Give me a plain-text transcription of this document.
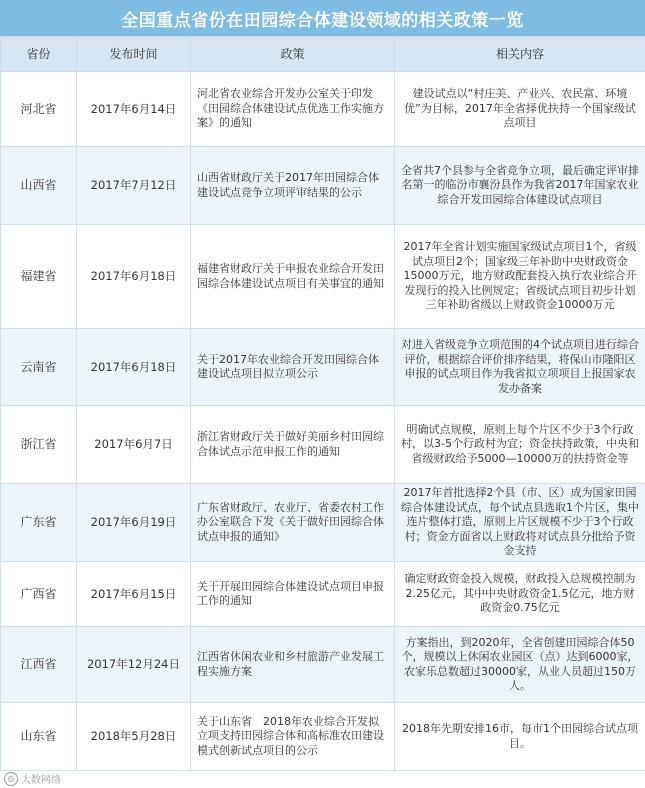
全国重点省份在田园综合体建设领域的相关政策一览
省份	发布时间	政策	相关内容
河北省	2017年6月14日	河北省农业综合开发办公室关于印发《田园综合体建设试点优选工作实施方案》的通知	建设试点以“村庄美、产业兴、农民富、环境优”为目标，2017年全省择优扶持一个国家级试点项目
山西省	2017年7月12日	山西省财政厅关于2017年田园综合体建设试点竞争立项评审结果的公示	全省共7个县参与全省竞争立项，最后确定评审排名第一的临汾市襄汾县作为我省2017年国家农业综合开发田园综合体建设试点项目
福建省	2017年6月18日	福建省财政厅关于申报农业综合开发田园综合体建设试点项目有关事宜的通知	2017年全省计划实施国家级试点项目1个，省级试点项目2个；国家级三年补助中央财政资金15000万元，地方财政配套投入执行农业综合开发现行的投入比例规定；省级试点项目初步计划三年补助省级以上财政资金10000万元
云南省	2017年6月18日	关于2017年农业综合开发田园综合体建设试点项目拟立项公示	对进入省级竞争立项范围的4个试点项目进行综合评价，根据综合评价排序结果，将保山市隆阳区申报的试点项目作为我省拟立项项目上报国家农发办备案
浙江省	2017年6月7日	浙江省财政厅关于做好美丽乡村田园综合体试点示范申报工作的通知	明确试点规模，原则上每个片区不少于3个行政村，以3-5个行政村为宜；资金扶持政策，中央和省级财政给予5000—10000万的扶持资金等
广东省	2017年6月19日	广东省财政厅、农业厅、省委农村工作办公室联合下发《关于做好田园综合体试点申报的通知》	2017年首批选择2个县（市、区）成为国家田园综合体建设试点，每个试点县选取1个片区，集中连片整体打造，原则上片区规模不少于3个行政村；资金方面省以上财政将对试点县分批给予资金支持
广西省	2017年6月15日	关于开展田园综合体建设试点项目申报工作的通知	确定财政资金投入规模，财政投入总规模控制为2.25亿元，其中中央财政资金1.5亿元，地方财政资金0.75亿元
江西省	2017年12月24日	江西省休闲农业和乡村旅游产业发展工程实施方案	方案指出，到2020年，全省创建田园综合体50个，规模以上休闲农业园区（点）达到6000家，农家乐总数超过30000家，从业人员超过150万人。
山东省	2018年5月28日	关于山东省　2018年农业综合开发拟立项支持田园综合体和高标准农田建设模式创新试点项目的公示	2018年先期安排16市，每市1个田园综合试点项目。
◎ 大数网络
